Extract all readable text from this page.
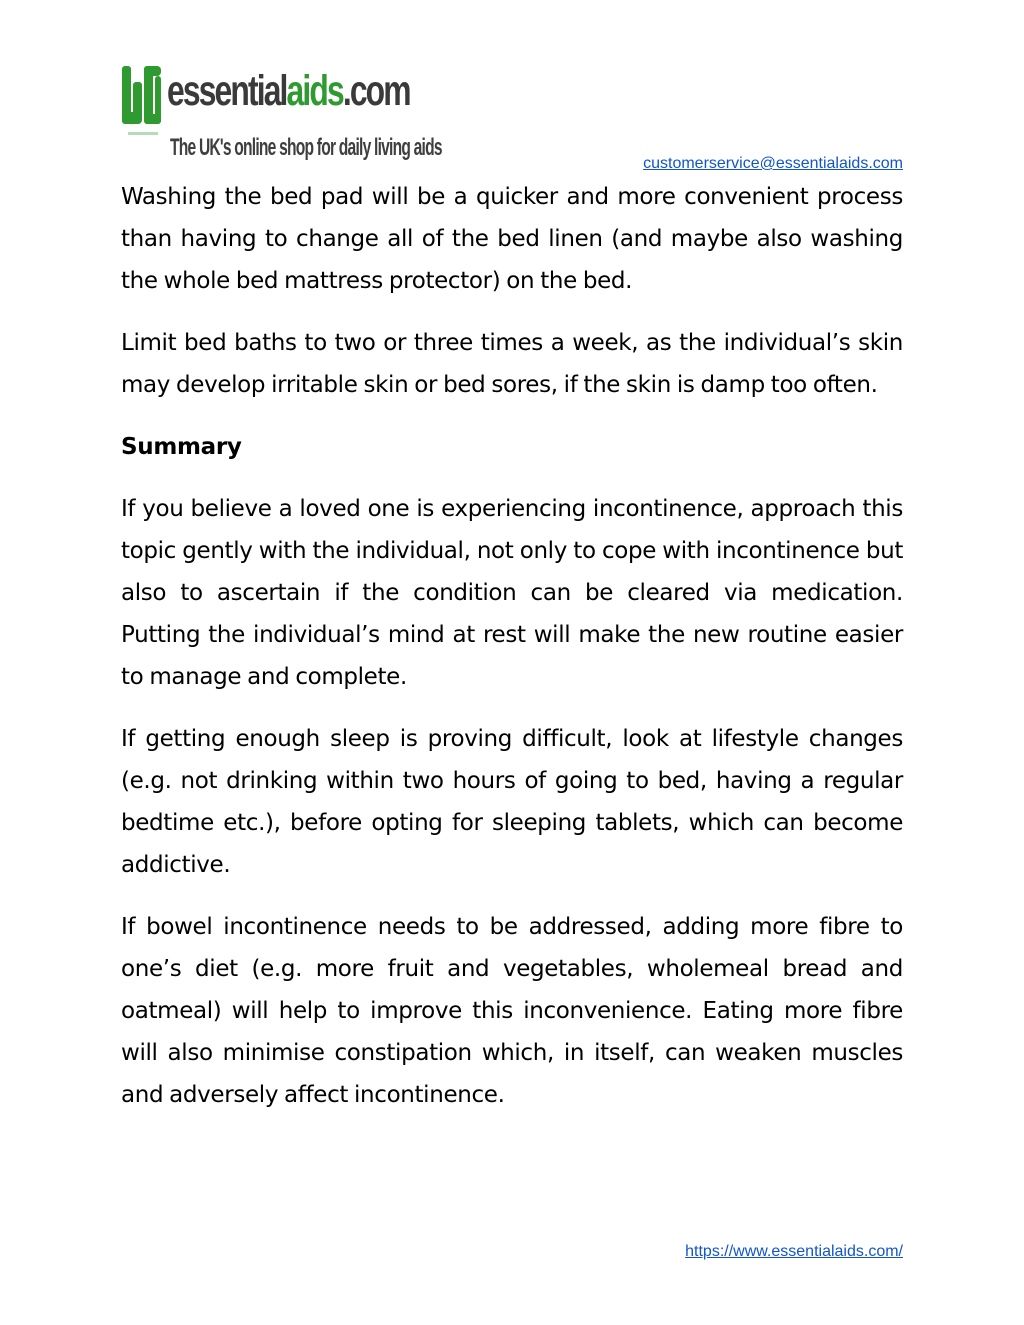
essentialaids.com
The UK's online shop for daily living aids
customerservice@essentialaids.com

Washing the bed pad will be a quicker and more convenient process than having to change all of the bed linen (and maybe also washing the whole bed mattress protector) on the bed.

Limit bed baths to two or three times a week, as the individual’s skin may develop irritable skin or bed sores, if the skin is damp too often.

Summary

If you believe a loved one is experiencing incontinence, approach this topic gently with the individual, not only to cope with incontinence but also to ascertain if the condition can be cleared via medication. Putting the individual’s mind at rest will make the new routine easier to manage and complete.

If getting enough sleep is proving difficult, look at lifestyle changes (e.g. not drinking within two hours of going to bed, having a regular bedtime etc.), before opting for sleeping tablets, which can become addictive.

If bowel incontinence needs to be addressed, adding more fibre to one’s diet (e.g. more fruit and vegetables, wholemeal bread and oatmeal) will help to improve this inconvenience. Eating more fibre will also minimise constipation which, in itself, can weaken muscles and adversely affect incontinence.

https://www.essentialaids.com/
